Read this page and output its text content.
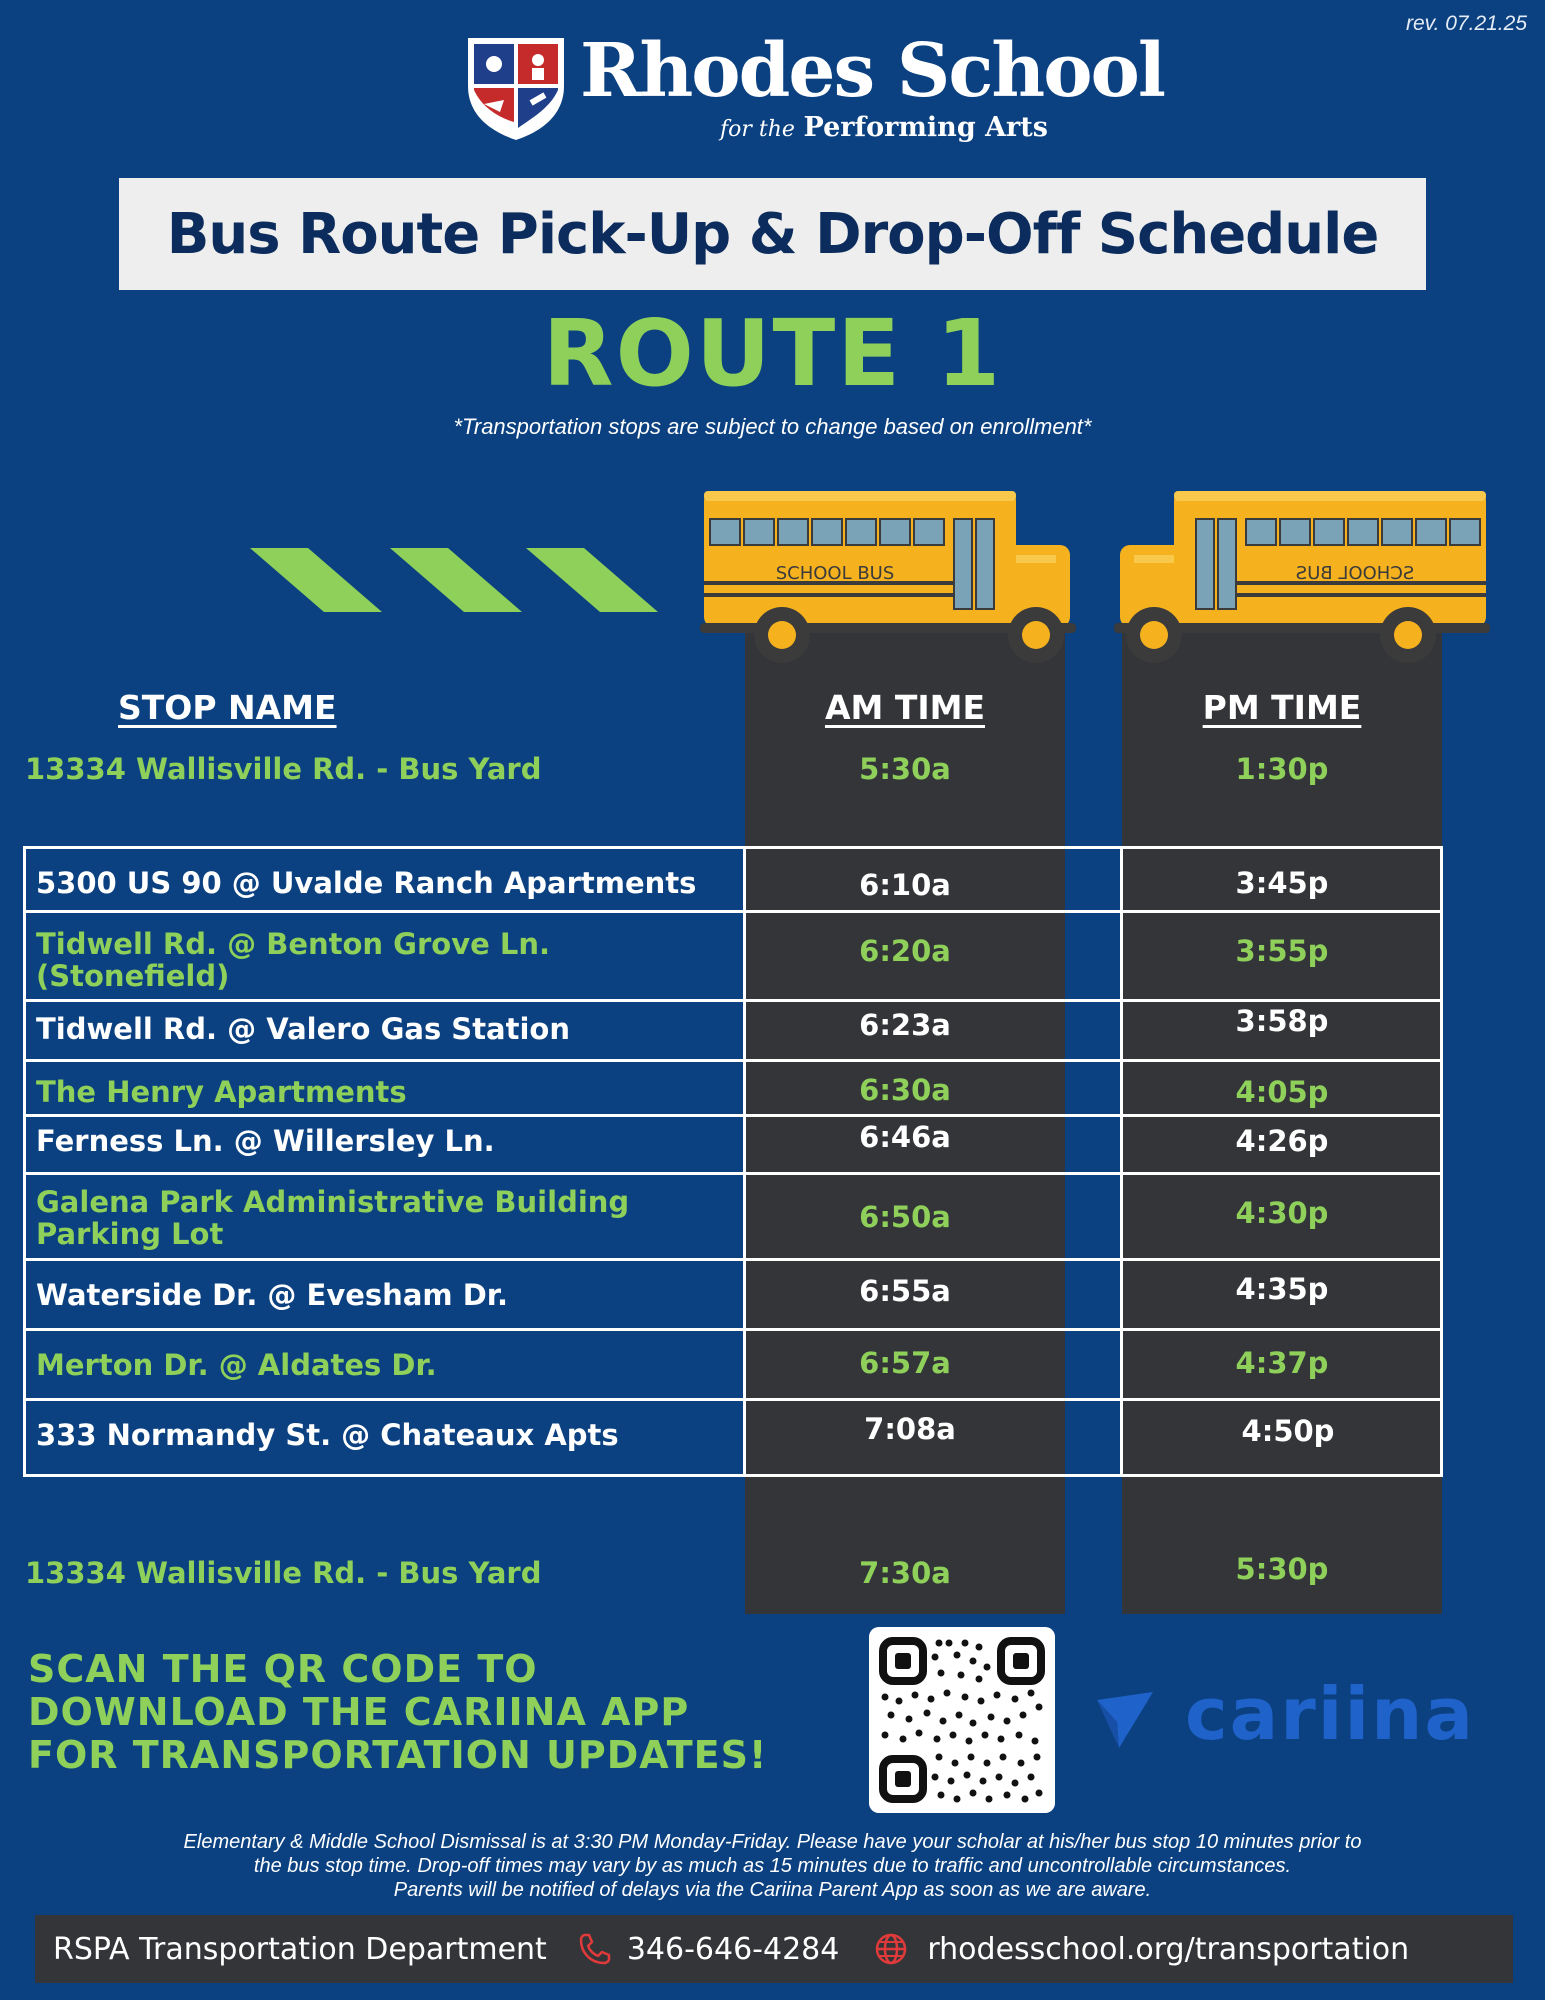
rev. 07.21.25
Rhodes School
for the Performing Arts
Bus Route Pick-Up & Drop-Off Schedule
ROUTE 1
*Transportation stops are subject to change based on enrollment*
SCHOOL BUS	SCHOOL BUS
STOP NAME	AM TIME	PM TIME
13334 Wallisville Rd. - Bus Yard	5:30a	1:30p
5300 US 90 @ Uvalde Ranch Apartments	6:10a	3:45p
Tidwell Rd. @ Benton Grove Ln.
(Stonefield)
6:20a	3:55p
Tidwell Rd. @ Valero Gas Station	6:23a	3:58p
The Henry Apartments	6:30a	4:05p
Ferness Ln. @ Willersley Ln.	6:46a	4:26p
Galena Park Administrative Building
Parking Lot	6:50a	4:30p
Waterside Dr. @ Evesham Dr.	6:55a	4:35p
Merton Dr. @ Aldates Dr.	6:57a	4:37p
333 Normandy St. @ Chateaux Apts	7:08a	4:50p
13334 Wallisville Rd. - Bus Yard	7:30a	5:30p
SCAN THE QR CODE TO
DOWNLOAD THE CARIINA APP
FOR TRANSPORTATION UPDATES!	cariina
Elementary & Middle School Dismissal is at 3:30 PM Monday-Friday. Please have your scholar at his/her bus stop 10 minutes prior to
the bus stop time. Drop-off times may vary by as much as 15 minutes due to traffic and uncontrollable circumstances.
Parents will be notified of delays via the Cariina Parent App as soon as we are aware.
RSPA Transportation Department	346-646-4284	rhodesschool.org/transportation
